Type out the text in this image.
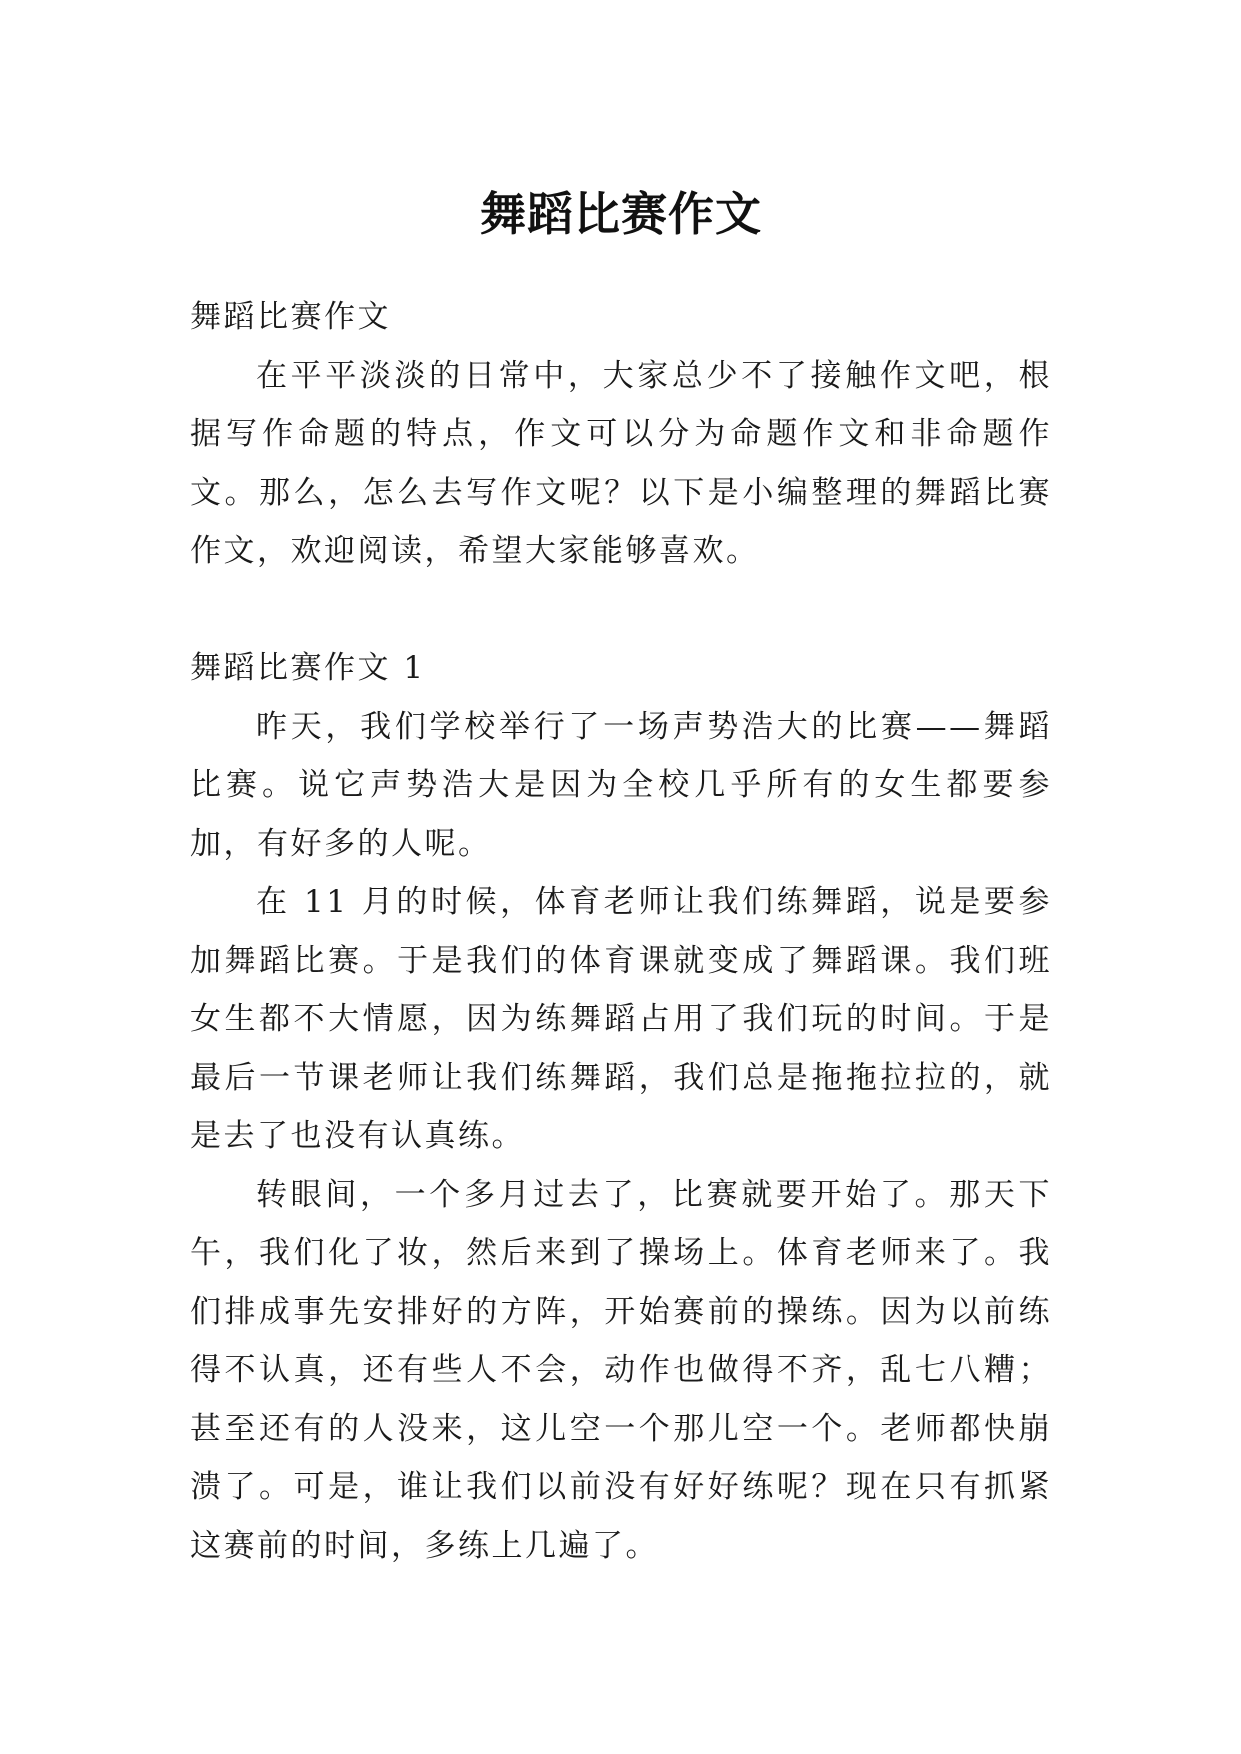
舞蹈比赛作文

舞蹈比赛作文

在平平淡淡的日常中，大家总少不了接触作文吧，根据写作命题的特点，作文可以分为命题作文和非命题作文。那么，怎么去写作文呢？以下是小编整理的舞蹈比赛作文，欢迎阅读，希望大家能够喜欢。

舞蹈比赛作文 1

昨天，我们学校举行了一场声势浩大的比赛——舞蹈比赛。说它声势浩大是因为全校几乎所有的女生都要参加，有好多的人呢。

在 11 月的时候，体育老师让我们练舞蹈，说是要参加舞蹈比赛。于是我们的体育课就变成了舞蹈课。我们班女生都不大情愿，因为练舞蹈占用了我们玩的时间。于是最后一节课老师让我们练舞蹈，我们总是拖拖拉拉的，就是去了也没有认真练。

转眼间，一个多月过去了，比赛就要开始了。那天下午，我们化了妆，然后来到了操场上。体育老师来了。我们排成事先安排好的方阵，开始赛前的操练。因为以前练得不认真，还有些人不会，动作也做得不齐，乱七八糟；甚至还有的人没来，这儿空一个那儿空一个。老师都快崩溃了。可是，谁让我们以前没有好好练呢？现在只有抓紧这赛前的时间，多练上几遍了。
